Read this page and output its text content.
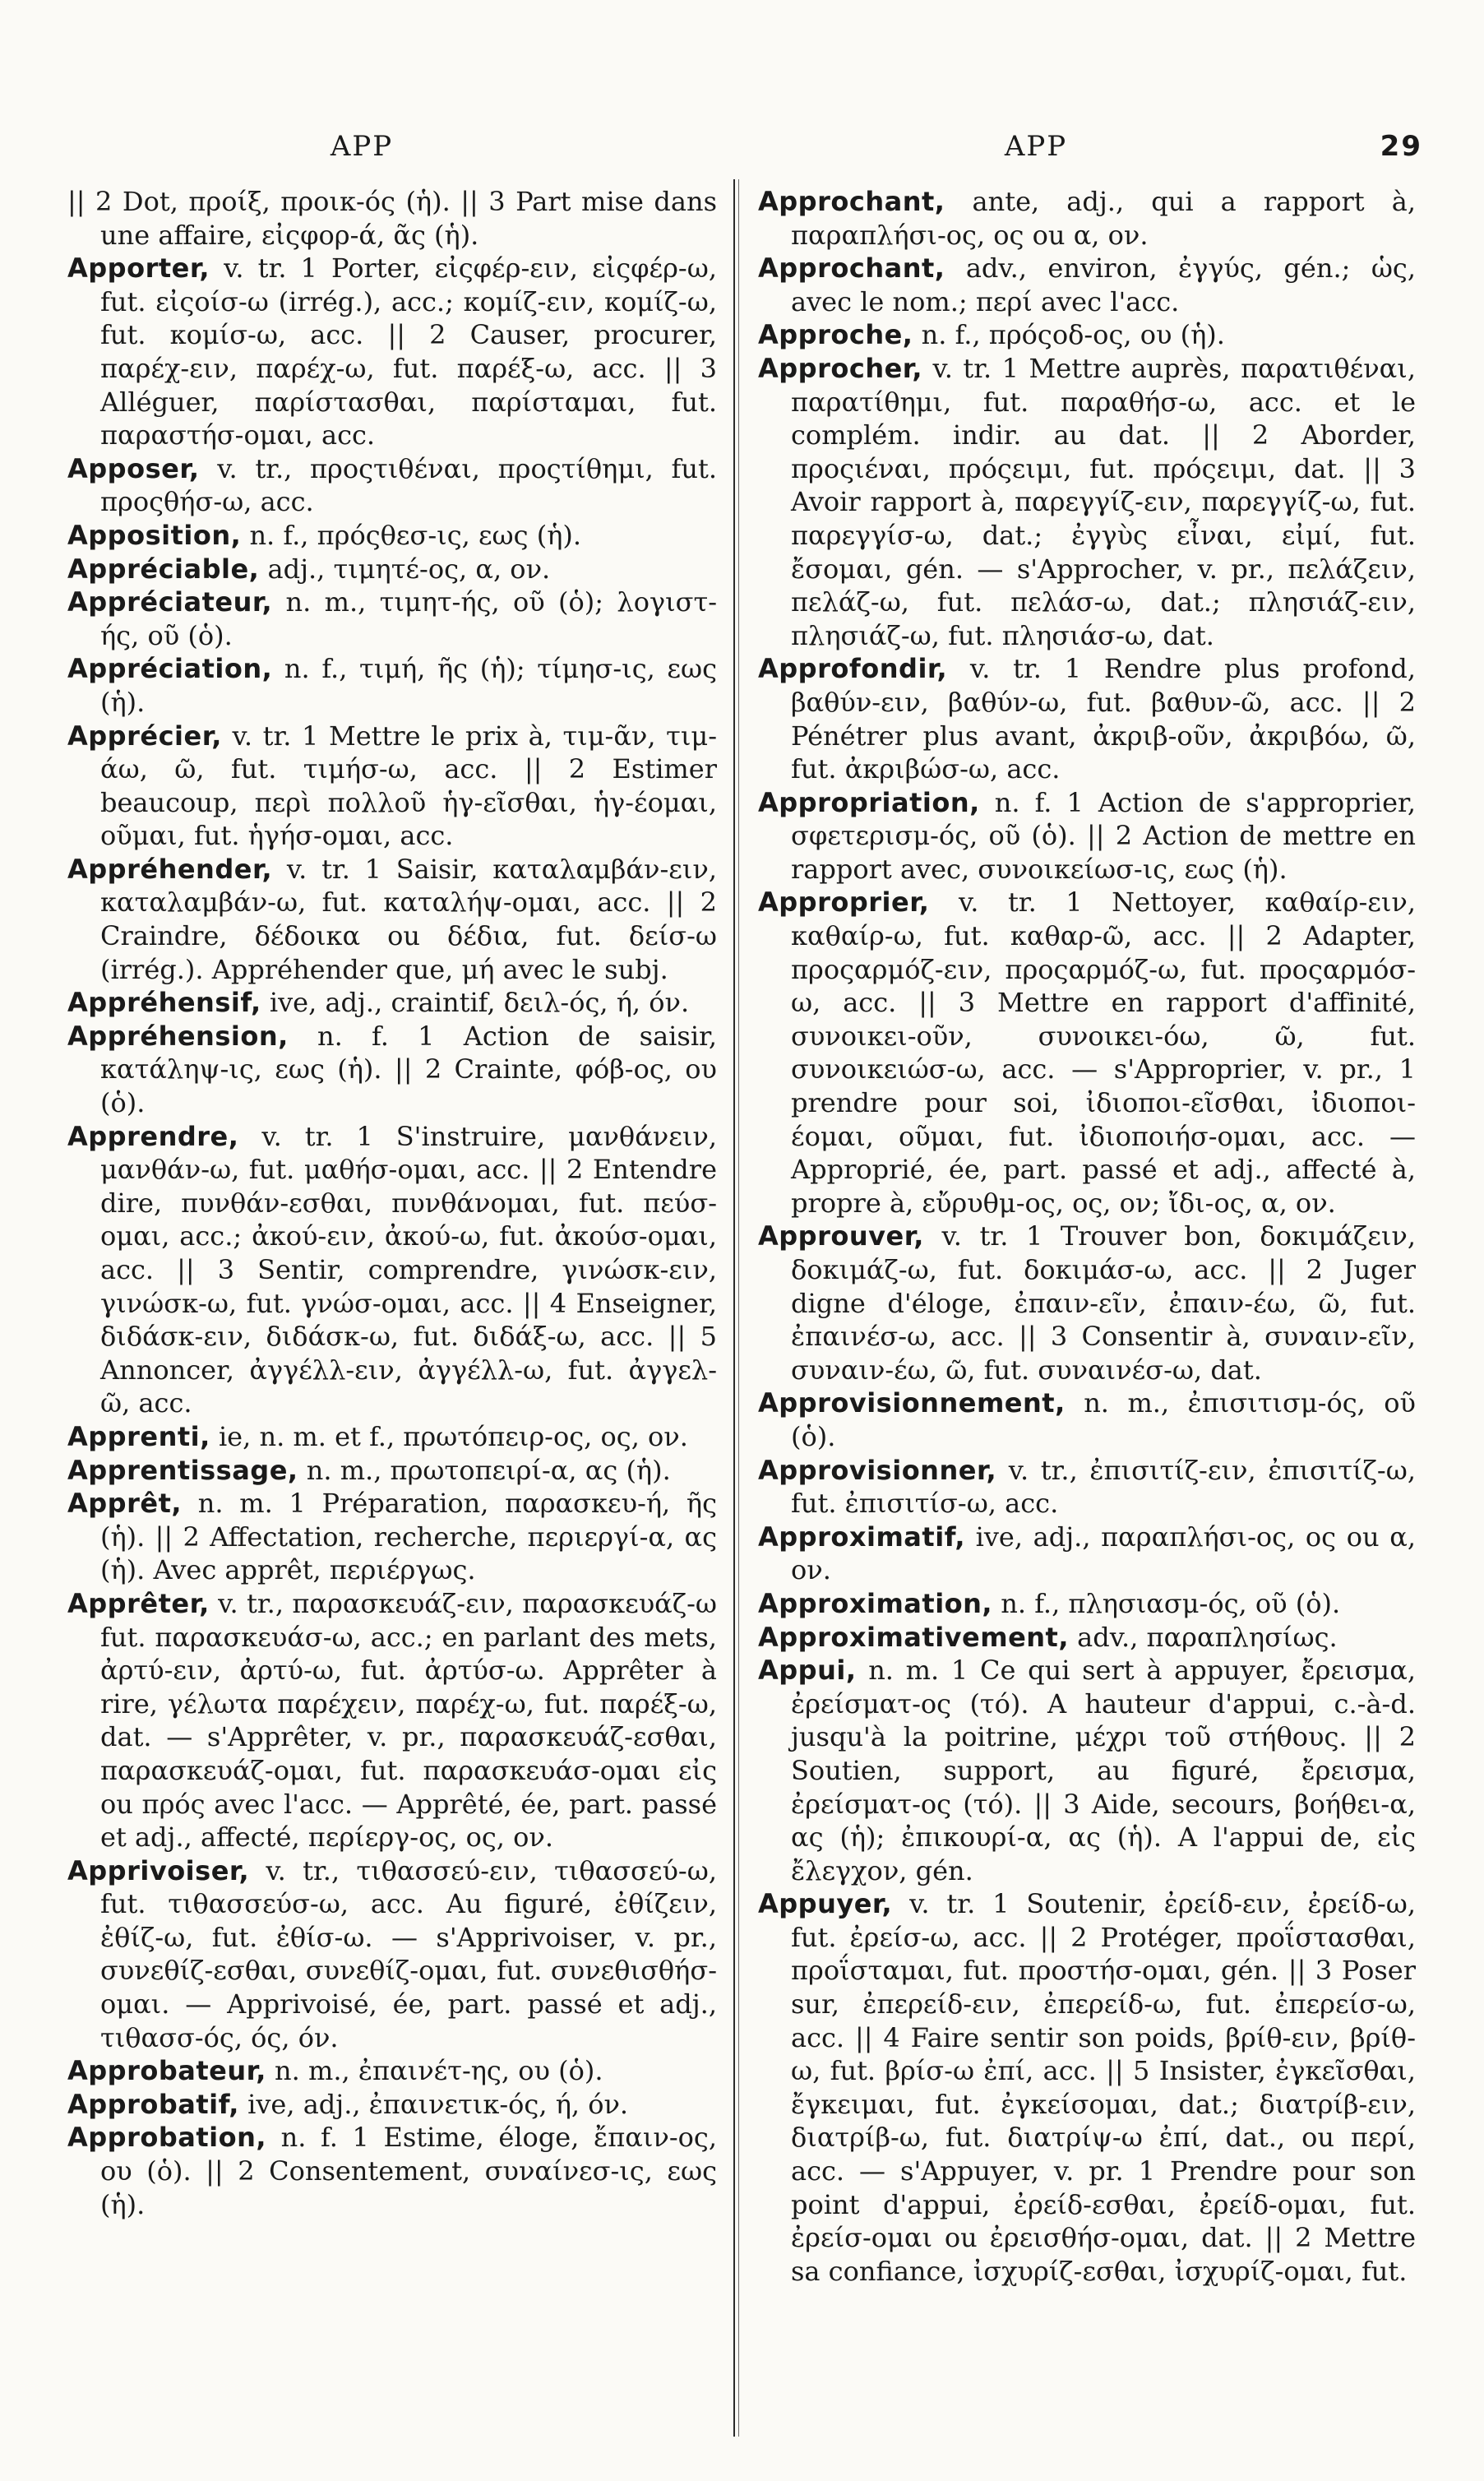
APP	APP	29

|| 2 Dot, προίξ, προικ-ός (ἡ). || 3 Part mise dans une affaire, εἰςφορ-ά, ᾶς (ἡ).

Apporter, v. tr. 1 Porter, εἰςφέρ-ειν, εἰςφέρ-ω, fut. εἰςοίσ-ω (irrég.), acc.; κομίζ-ειν, κομίζ-ω, fut. κομίσ-ω, acc. || 2 Causer, procurer, παρέχ-ειν, παρέχ-ω, fut. παρέξ-ω, acc. || 3 Alléguer, παρίστασθαι, παρίσταμαι, fut. παραστήσ-ομαι, acc.

Apposer, v. tr., προςτιθέναι, προςτίθημι, fut. προςθήσ-ω, acc.

Apposition, n. f., πρόςθεσ-ις, εως (ἡ).

Appréciable, adj., τιμητέ-ος, α, ον.

Appréciateur, n. m., τιμητ-ής, οῦ (ὁ); λογιστ-ής, οῦ (ὁ).

Appréciation, n. f., τιμή, ῆς (ἡ); τίμησ-ις, εως (ἡ).

Apprécier, v. tr. 1 Mettre le prix à, τιμ-ᾶν, τιμ-άω, ῶ, fut. τιμήσ-ω, acc. || 2 Estimer beaucoup, περὶ πολλοῦ ἡγ-εῖσθαι, ἡγ-έομαι, οῦμαι, fut. ἡγήσ-ομαι, acc.

Appréhender, v. tr. 1 Saisir, καταλαμβάν-ειν, καταλαμβάν-ω, fut. καταλήψ-ομαι, acc. || 2 Craindre, δέδοικα ou δέδια, fut. δείσ-ω (irrég.). Appréhender que, μή avec le subj.

Appréhensif, ive, adj., craintif, δειλ-ός, ή, όν.

Appréhension, n. f. 1 Action de saisir, κατάληψ-ις, εως (ἡ). || 2 Crainte, φόβ-ος, ου (ὁ).

Apprendre, v. tr. 1 S'instruire, μανθάνειν, μανθάν-ω, fut. μαθήσ-ομαι, acc. || 2 Entendre dire, πυνθάν-εσθαι, πυνθάνομαι, fut. πεύσ-ομαι, acc.; ἀκού-ειν, ἀκού-ω, fut. ἀκούσ-ομαι, acc. || 3 Sentir, comprendre, γινώσκ-ειν, γινώσκ-ω, fut. γνώσ-ομαι, acc. || 4 Enseigner, διδάσκ-ειν, διδάσκ-ω, fut. διδάξ-ω, acc. || 5 Annoncer, ἀγγέλλ-ειν, ἀγγέλλ-ω, fut. ἀγγελ-ῶ, acc.

Apprenti, ie, n. m. et f., πρωτόπειρ-ος, ος, ον.

Apprentissage, n. m., πρωτοπειρί-α, ας (ἡ).

Apprêt, n. m. 1 Préparation, παρασκευ-ή, ῆς (ἡ). || 2 Affectation, recherche, περιεργί-α, ας (ἡ). Avec apprêt, περιέργως.

Apprêter, v. tr., παρασκευάζ-ειν, παρασκευάζ-ω fut. παρασκευάσ-ω, acc.; en parlant des mets, ἀρτύ-ειν, ἀρτύ-ω, fut. ἀρτύσ-ω. Apprêter à rire, γέλωτα παρέχειν, παρέχ-ω, fut. παρέξ-ω, dat. — s'Apprêter, v. pr., παρασκευάζ-εσθαι, παρασκευάζ-ομαι, fut. παρασκευάσ-ομαι εἰς ou πρός avec l'acc. — Apprêté, ée, part. passé et adj., affecté, περίεργ-ος, ος, ον.

Apprivoiser, v. tr., τιθασσεύ-ειν, τιθασσεύ-ω, fut. τιθασσεύσ-ω, acc. Au figuré, ἐθίζειν, ἐθίζ-ω, fut. ἐθίσ-ω. — s'Apprivoiser, v. pr., συνεθίζ-εσθαι, συνεθίζ-ομαι, fut. συνεθισθήσ-ομαι. — Apprivoisé, ée, part. passé et adj., τιθασσ-ός, ός, όν.

Approbateur, n. m., ἐπαινέτ-ης, ου (ὁ).

Approbatif, ive, adj., ἐπαινετικ-ός, ή, όν.

Approbation, n. f. 1 Estime, éloge, ἔπαιν-ος, ου (ὁ). || 2 Consentement, συναίνεσ-ις, εως (ἡ).

Approchant, ante, adj., qui a rapport à, παραπλήσι-ος, ος ou α, ον.

Approchant, adv., environ, ἐγγύς, gén.; ὡς, avec le nom.; περί avec l'acc.

Approche, n. f., πρόςοδ-ος, ου (ἡ).

Approcher, v. tr. 1 Mettre auprès, παρατιθέναι, παρατίθημι, fut. παραθήσ-ω, acc. et le complém. indir. au dat. || 2 Aborder, προςιέναι, πρόςειμι, fut. πρόςειμι, dat. || 3 Avoir rapport à, παρεγγίζ-ειν, παρεγγίζ-ω, fut. παρεγγίσ-ω, dat.; ἐγγὺς εἶναι, εἰμί, fut. ἔσομαι, gén. — s'Approcher, v. pr., πελάζειν, πελάζ-ω, fut. πελάσ-ω, dat.; πλησιάζ-ειν, πλησιάζ-ω, fut. πλησιάσ-ω, dat.

Approfondir, v. tr. 1 Rendre plus profond, βαθύν-ειν, βαθύν-ω, fut. βαθυν-ῶ, acc. || 2 Pénétrer plus avant, ἀκριβ-οῦν, ἀκριβόω, ῶ, fut. ἀκριβώσ-ω, acc.

Appropriation, n. f. 1 Action de s'approprier, σφετερισμ-ός, οῦ (ὁ). || 2 Action de mettre en rapport avec, συνοικείωσ-ις, εως (ἡ).

Approprier, v. tr. 1 Nettoyer, καθαίρ-ειν, καθαίρ-ω, fut. καθαρ-ῶ, acc. || 2 Adapter, προςαρμόζ-ειν, προςαρμόζ-ω, fut. προςαρμόσ-ω, acc. || 3 Mettre en rapport d'affinité, συνοικει-οῦν, συνοικει-όω, ῶ, fut. συνοικειώσ-ω, acc. — s'Approprier, v. pr., 1 prendre pour soi, ἰδιοποι-εῖσθαι, ἰδιοποι-έομαι, οῦμαι, fut. ἰδιοποιήσ-ομαι, acc. — Approprié, ée, part. passé et adj., affecté à, propre à, εὔρυθμ-ος, ος, ον; ἴδι-ος, α, ον.

Approuver, v. tr. 1 Trouver bon, δοκιμάζειν, δοκιμάζ-ω, fut. δοκιμάσ-ω, acc. || 2 Juger digne d'éloge, ἐπαιν-εῖν, ἐπαιν-έω, ῶ, fut. ἐπαινέσ-ω, acc. || 3 Consentir à, συναιν-εῖν, συναιν-έω, ῶ, fut. συναινέσ-ω, dat.

Approvisionnement, n. m., ἐπισιτισμ-ός, οῦ (ὁ).

Approvisionner, v. tr., ἐπισιτίζ-ειν, ἐπισιτίζ-ω, fut. ἐπισιτίσ-ω, acc.

Approximatif, ive, adj., παραπλήσι-ος, ος ou α, ον.

Approximation, n. f., πλησιασμ-ός, οῦ (ὁ).

Approximativement, adv., παραπλησίως.

Appui, n. m. 1 Ce qui sert à appuyer, ἔρεισμα, ἐρείσματ-ος (τό). A hauteur d'appui, c.-à-d. jusqu'à la poitrine, μέχρι τοῦ στήθους. || 2 Soutien, support, au figuré, ἔρεισμα, ἐρείσματ-ος (τό). || 3 Aide, secours, βοήθει-α, ας (ἡ); ἐπικουρί-α, ας (ἡ). A l'appui de, εἰς ἔλεγχον, gén.

Appuyer, v. tr. 1 Soutenir, ἐρείδ-ειν, ἐρείδ-ω, fut. ἐρείσ-ω, acc. || 2 Protéger, προΐστασθαι, προΐσταμαι, fut. προστήσ-ομαι, gén. || 3 Poser sur, ἐπερείδ-ειν, ἐπερείδ-ω, fut. ἐπερείσ-ω, acc. || 4 Faire sentir son poids, βρίθ-ειν, βρίθ-ω, fut. βρίσ-ω ἐπί, acc. || 5 Insister, ἐγκεῖσθαι, ἔγκειμαι, fut. ἐγκείσομαι, dat.; διατρίβ-ειν, διατρίβ-ω, fut. διατρίψ-ω ἐπί, dat., ou περί, acc. — s'Appuyer, v. pr. 1 Prendre pour son point d'appui, ἐρείδ-εσθαι, ἐρείδ-ομαι, fut. ἐρείσ-ομαι ou ἐρεισθήσ-ομαι, dat. || 2 Mettre sa confiance, ἰσχυρίζ-εσθαι, ἰσχυρίζ-ομαι, fut.
